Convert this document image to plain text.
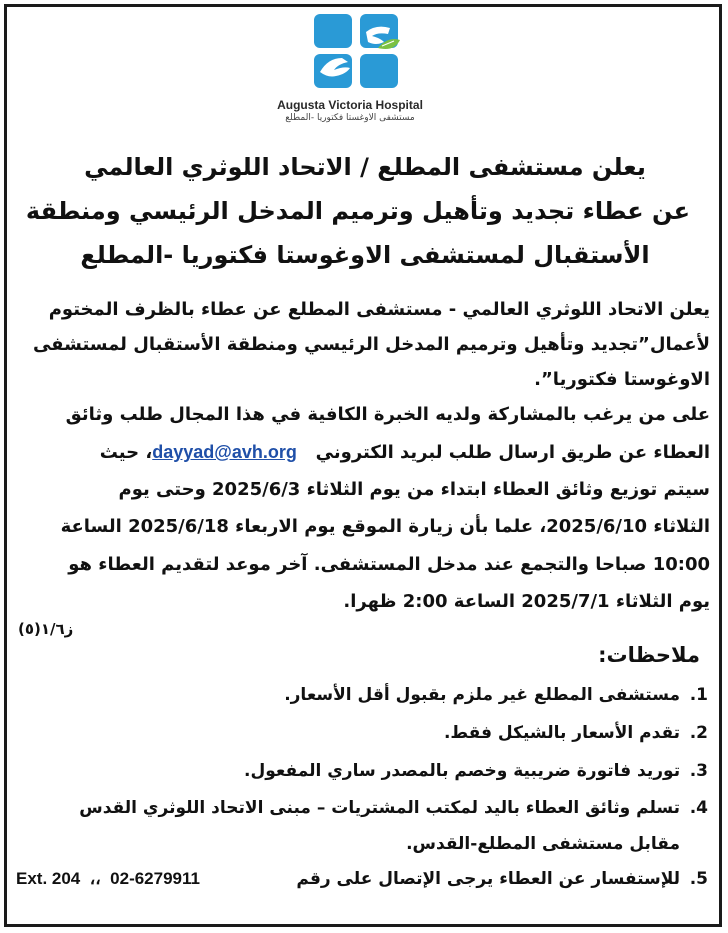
Augusta Victoria Hospital
مستشفى الاوغستا فكتوريا -المطلع
يعلن مستشفى المطلع / الاتحاد اللوثري العالمي
عن عطاء تجديد وتأهيل وترميم المدخل الرئيسي ومنطقة
الأستقبال لمستشفى الاوغوستا فكتوريا -المطلع
يعلن الاتحاد اللوثري العالمي - مستشفى المطلع عن عطاء بالظرف المختوم
لأعمال”تجديد وتأهيل وترميم المدخل الرئيسي ومنطقة الأستقبال لمستشفى
الاوغوستا فكتوريا”.
على من يرغب بالمشاركة ولديه الخبرة الكافية في هذا المجال طلب وثائق
العطاء عن طريق ارسال طلب لبريد الكتروني   dayyad@avh.org، حيث
سيتم توزيع وثائق العطاء ابتداء من يوم الثلاثاء 2025/6/3 وحتى يوم
الثلاثاء 2025/6/10، علما بأن زيارة الموقع يوم الاربعاء 2025/6/18 الساعة
10:00 صباحا والتجمع عند مدخل المستشفى. آخر موعد لتقديم العطاء هو
يوم الثلاثاء 2025/7/1 الساعة 2:00 ظهرا.
ز١/٦(٥)
ملاحظات:
1. مستشفى المطلع غير ملزم بقبول أقل الأسعار.
2. تقدم الأسعار بالشيكل فقط.
3. توريد فاتورة ضريبية وخصم بالمصدر ساري المفعول.
4. تسلم وثائق العطاء باليد لمكتب المشتريات – مبنى الاتحاد اللوثري القدس
مقابل مستشفى المطلع-القدس.
Ext. 204 ،، 02-6279911	5. للإستفسار عن العطاء يرجى الإتصال على رقم
